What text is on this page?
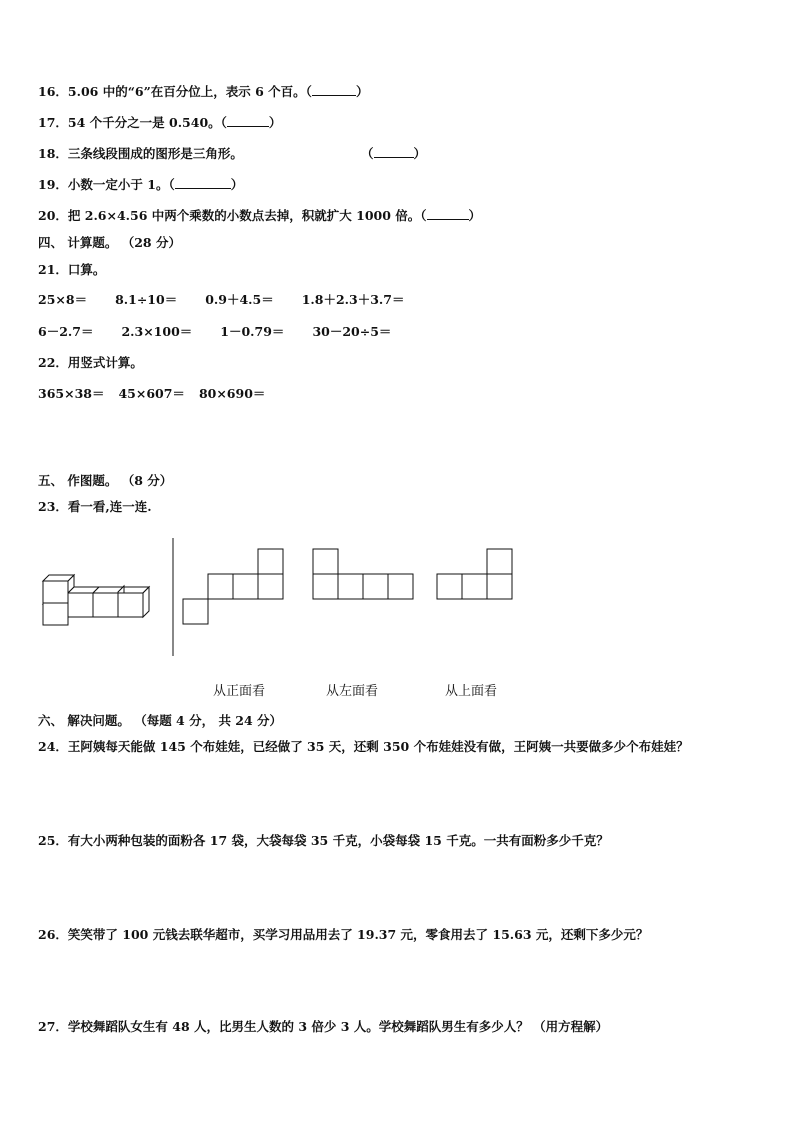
16．5.06 中的“6”在百分位上，表示 6 个百。（	）
17．54 个千分之一是 0.540。（	）
18．三条线段围成的图形是三角形。	（	）
19．小数一定小于 1。（	）
20．把 2.6×4.56 中两个乘数的小数点去掉，积就扩大 1000 倍。（	）
四、 计算题。 （28 分）
21．口算。
25×8＝ 8.1÷10＝ 0.9＋4.5＝ 1.8＋2.3＋3.7＝
6－2.7＝ 2.3×100＝ 1－0.79＝ 30－20÷5＝
22．用竖式计算。
365×38＝ 45×607＝ 80×690＝
五、 作图题。 （8 分）
23．看一看,连一连.
从正面看	从左面看	从上面看
六、 解决问题。 （每题 4 分， 共 24 分）
24．王阿姨每天能做 145 个布娃娃，已经做了 35 天，还剩 350 个布娃娃没有做，王阿姨一共要做多少个布娃娃？
25．有大小两种包装的面粉各 17 袋，大袋每袋 35 千克，小袋每袋 15 千克。一共有面粉多少千克？
26．笑笑带了 100 元钱去联华超市，买学习用品用去了 19.37 元，零食用去了 15.63 元，还剩下多少元？
27．学校舞蹈队女生有 48 人，比男生人数的 3 倍少 3 人。学校舞蹈队男生有多少人？ （用方程解）
